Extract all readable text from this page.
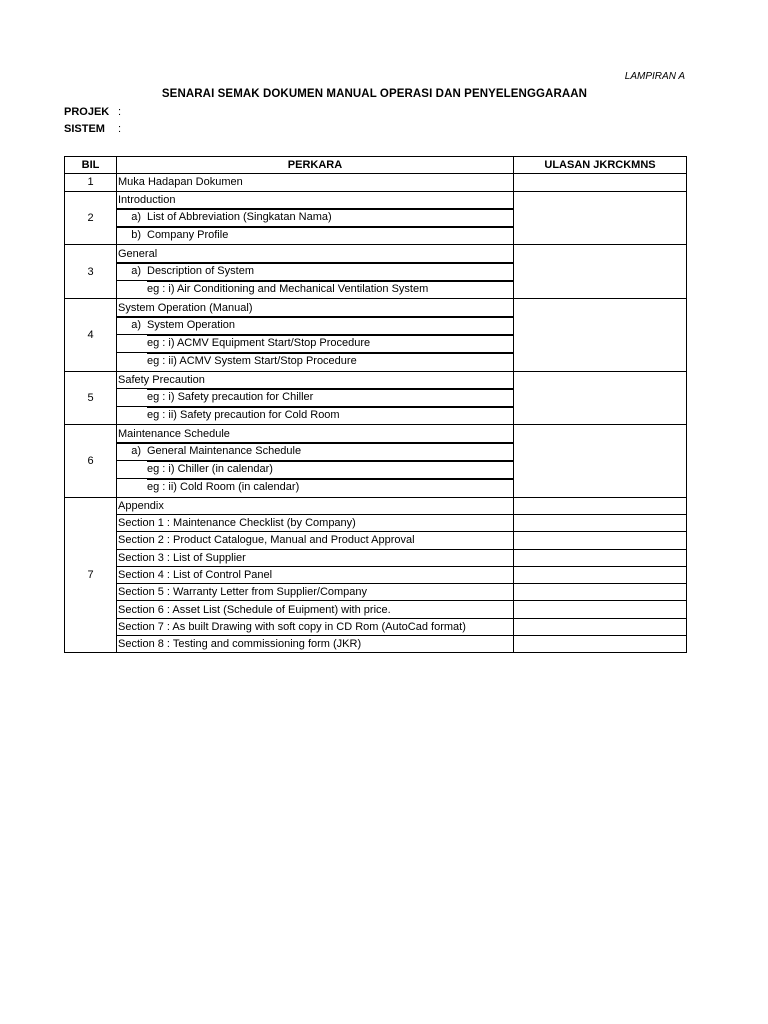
LAMPIRAN A
SENARAI SEMAK DOKUMEN MANUAL OPERASI DAN PENYELENGGARAAN
PROJEK :
SISTEM :
BIL	PERKARA	ULASAN JKRCKMNS
1	Muka Hadapan Dokumen	
2	Introduction	

	a) List of Abbreviation (Singkatan Nama)	

	b) Company Profile	

3	General	

	a) Description of System	

	eg : i) Air Conditioning and Mechanical Ventilation System	

4	System Operation (Manual)	

	a) System Operation	

	eg : i) ACMV Equipment Start/Stop Procedure	

	eg : ii) ACMV System Start/Stop Procedure	

5	Safety Precaution	

	eg : i) Safety precaution for Chiller	

	eg : ii) Safety precaution for Cold Room	

6	Maintenance Schedule	

	a) General Maintenance Schedule	

	eg : i) Chiller (in calendar)	

	eg : ii) Cold Room (in calendar)	

7	Appendix	
	Section 1 : Maintenance Checklist (by Company)	
	Section 2 : Product Catalogue, Manual and Product Approval	
	Section 3 : List of Supplier	
	Section 4 : List of Control Panel	
	Section 5 : Warranty Letter from Supplier/Company	
	Section 6 : Asset List (Schedule of Euipment) with price.	
	Section 7 : As built Drawing with soft copy in CD Rom (AutoCad format)	
	Section 8 : Testing and commissioning form (JKR)	
